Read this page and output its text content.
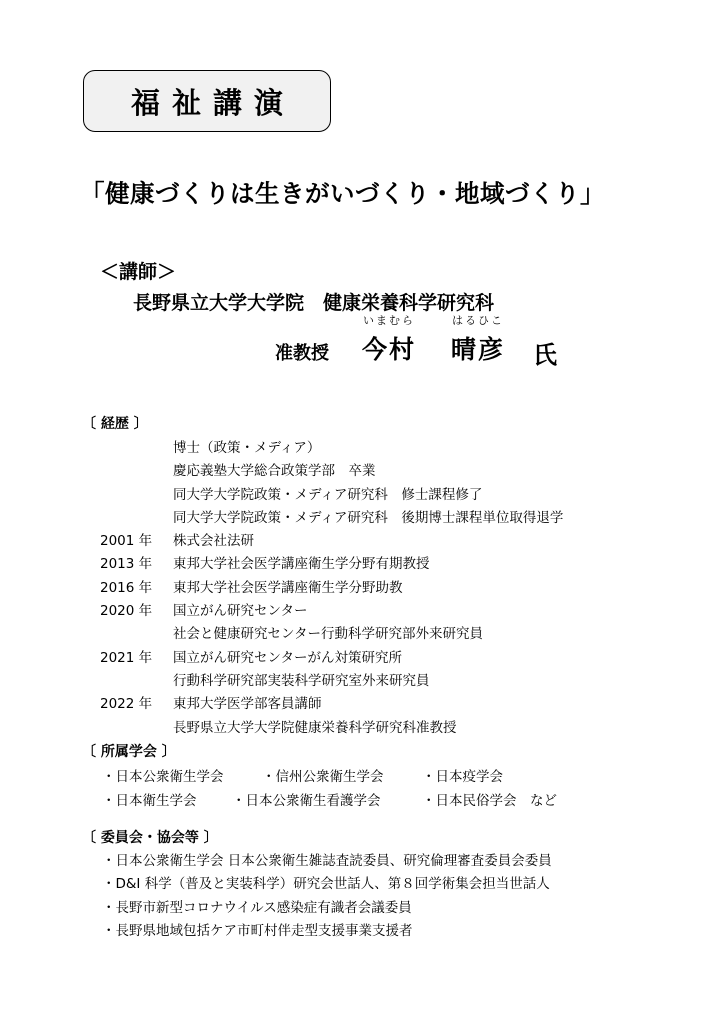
福祉講演
「健康づくりは生きがいづくり・地域づくり」
＜講師＞
長野県立大学大学院　健康栄養科学研究科
准教授
いまむら
今村
はるひこ
晴彦 氏
〔 経歴 〕
博士（政策・メディア）
慶応義塾大学総合政策学部　卒業
同大学大学院政策・メディア研究科　修士課程修了
同大学大学院政策・メディア研究科　後期博士課程単位取得退学
2001 年	株式会社法研
2013 年	東邦大学社会医学講座衛生学分野有期教授
2016 年	東邦大学社会医学講座衛生学分野助教
2020 年	国立がん研究センター
社会と健康研究センター行動科学研究部外来研究員
2021 年	国立がん研究センターがん対策研究所
行動科学研究部実装科学研究室外来研究員
2022 年	東邦大学医学部客員講師
長野県立大学大学院健康栄養科学研究科准教授
〔 所属学会 〕
・日本公衆衛生学会	・信州公衆衛生学会	・日本疫学会
・日本衛生学会	・日本公衆衛生看護学会	・日本民俗学会　など
〔 委員会・協会等 〕
・日本公衆衛生学会 日本公衆衛生雑誌査読委員、研究倫理審査委員会委員
・D&I 科学（普及と実装科学）研究会世話人、第８回学術集会担当世話人
・長野市新型コロナウイルス感染症有識者会議委員
・長野県地域包括ケア市町村伴走型支援事業支援者
